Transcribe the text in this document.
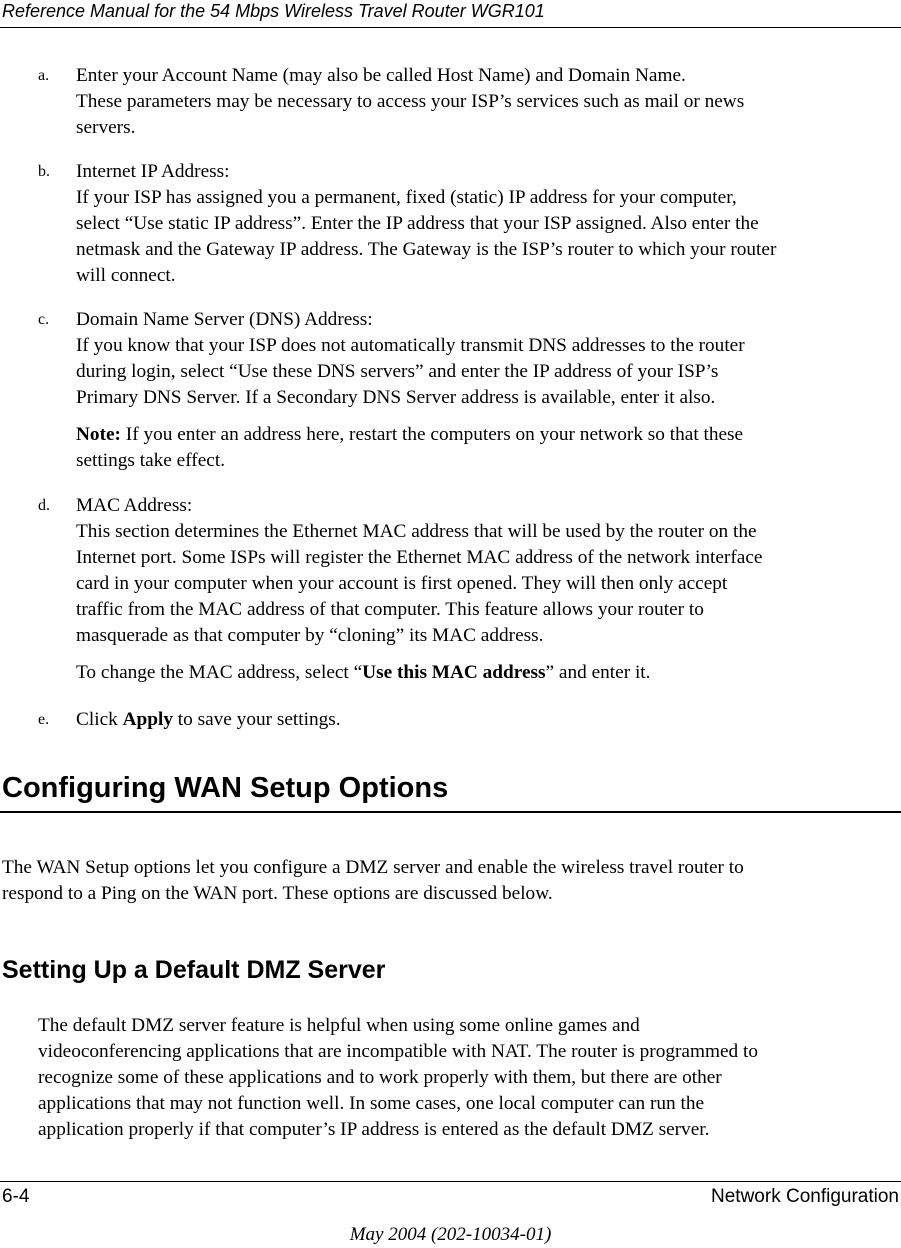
Reference Manual for the 54 Mbps Wireless Travel Router WGR101
a. Enter your Account Name (may also be called Host Name) and Domain Name.
These parameters may be necessary to access your ISP’s services such as mail or news
servers.
b. Internet IP Address:
If your ISP has assigned you a permanent, fixed (static) IP address for your computer,
select “Use static IP address”. Enter the IP address that your ISP assigned. Also enter the
netmask and the Gateway IP address. The Gateway is the ISP’s router to which your router
will connect.
c. Domain Name Server (DNS) Address:
If you know that your ISP does not automatically transmit DNS addresses to the router
during login, select “Use these DNS servers” and enter the IP address of your ISP’s
Primary DNS Server. If a Secondary DNS Server address is available, enter it also.
Note: If you enter an address here, restart the computers on your network so that these
settings take effect.
d. MAC Address:
This section determines the Ethernet MAC address that will be used by the router on the
Internet port. Some ISPs will register the Ethernet MAC address of the network interface
card in your computer when your account is first opened. They will then only accept
traffic from the MAC address of that computer. This feature allows your router to
masquerade as that computer by “cloning” its MAC address.
To change the MAC address, select “Use this MAC address” and enter it.
e. Click Apply to save your settings.
Configuring WAN Setup Options
The WAN Setup options let you configure a DMZ server and enable the wireless travel router to
respond to a Ping on the WAN port. These options are discussed below.
Setting Up a Default DMZ Server
The default DMZ server feature is helpful when using some online games and
videoconferencing applications that are incompatible with NAT. The router is programmed to
recognize some of these applications and to work properly with them, but there are other
applications that may not function well. In some cases, one local computer can run the
application properly if that computer’s IP address is entered as the default DMZ server.
6-4	Network Configuration
May 2004 (202-10034-01)
